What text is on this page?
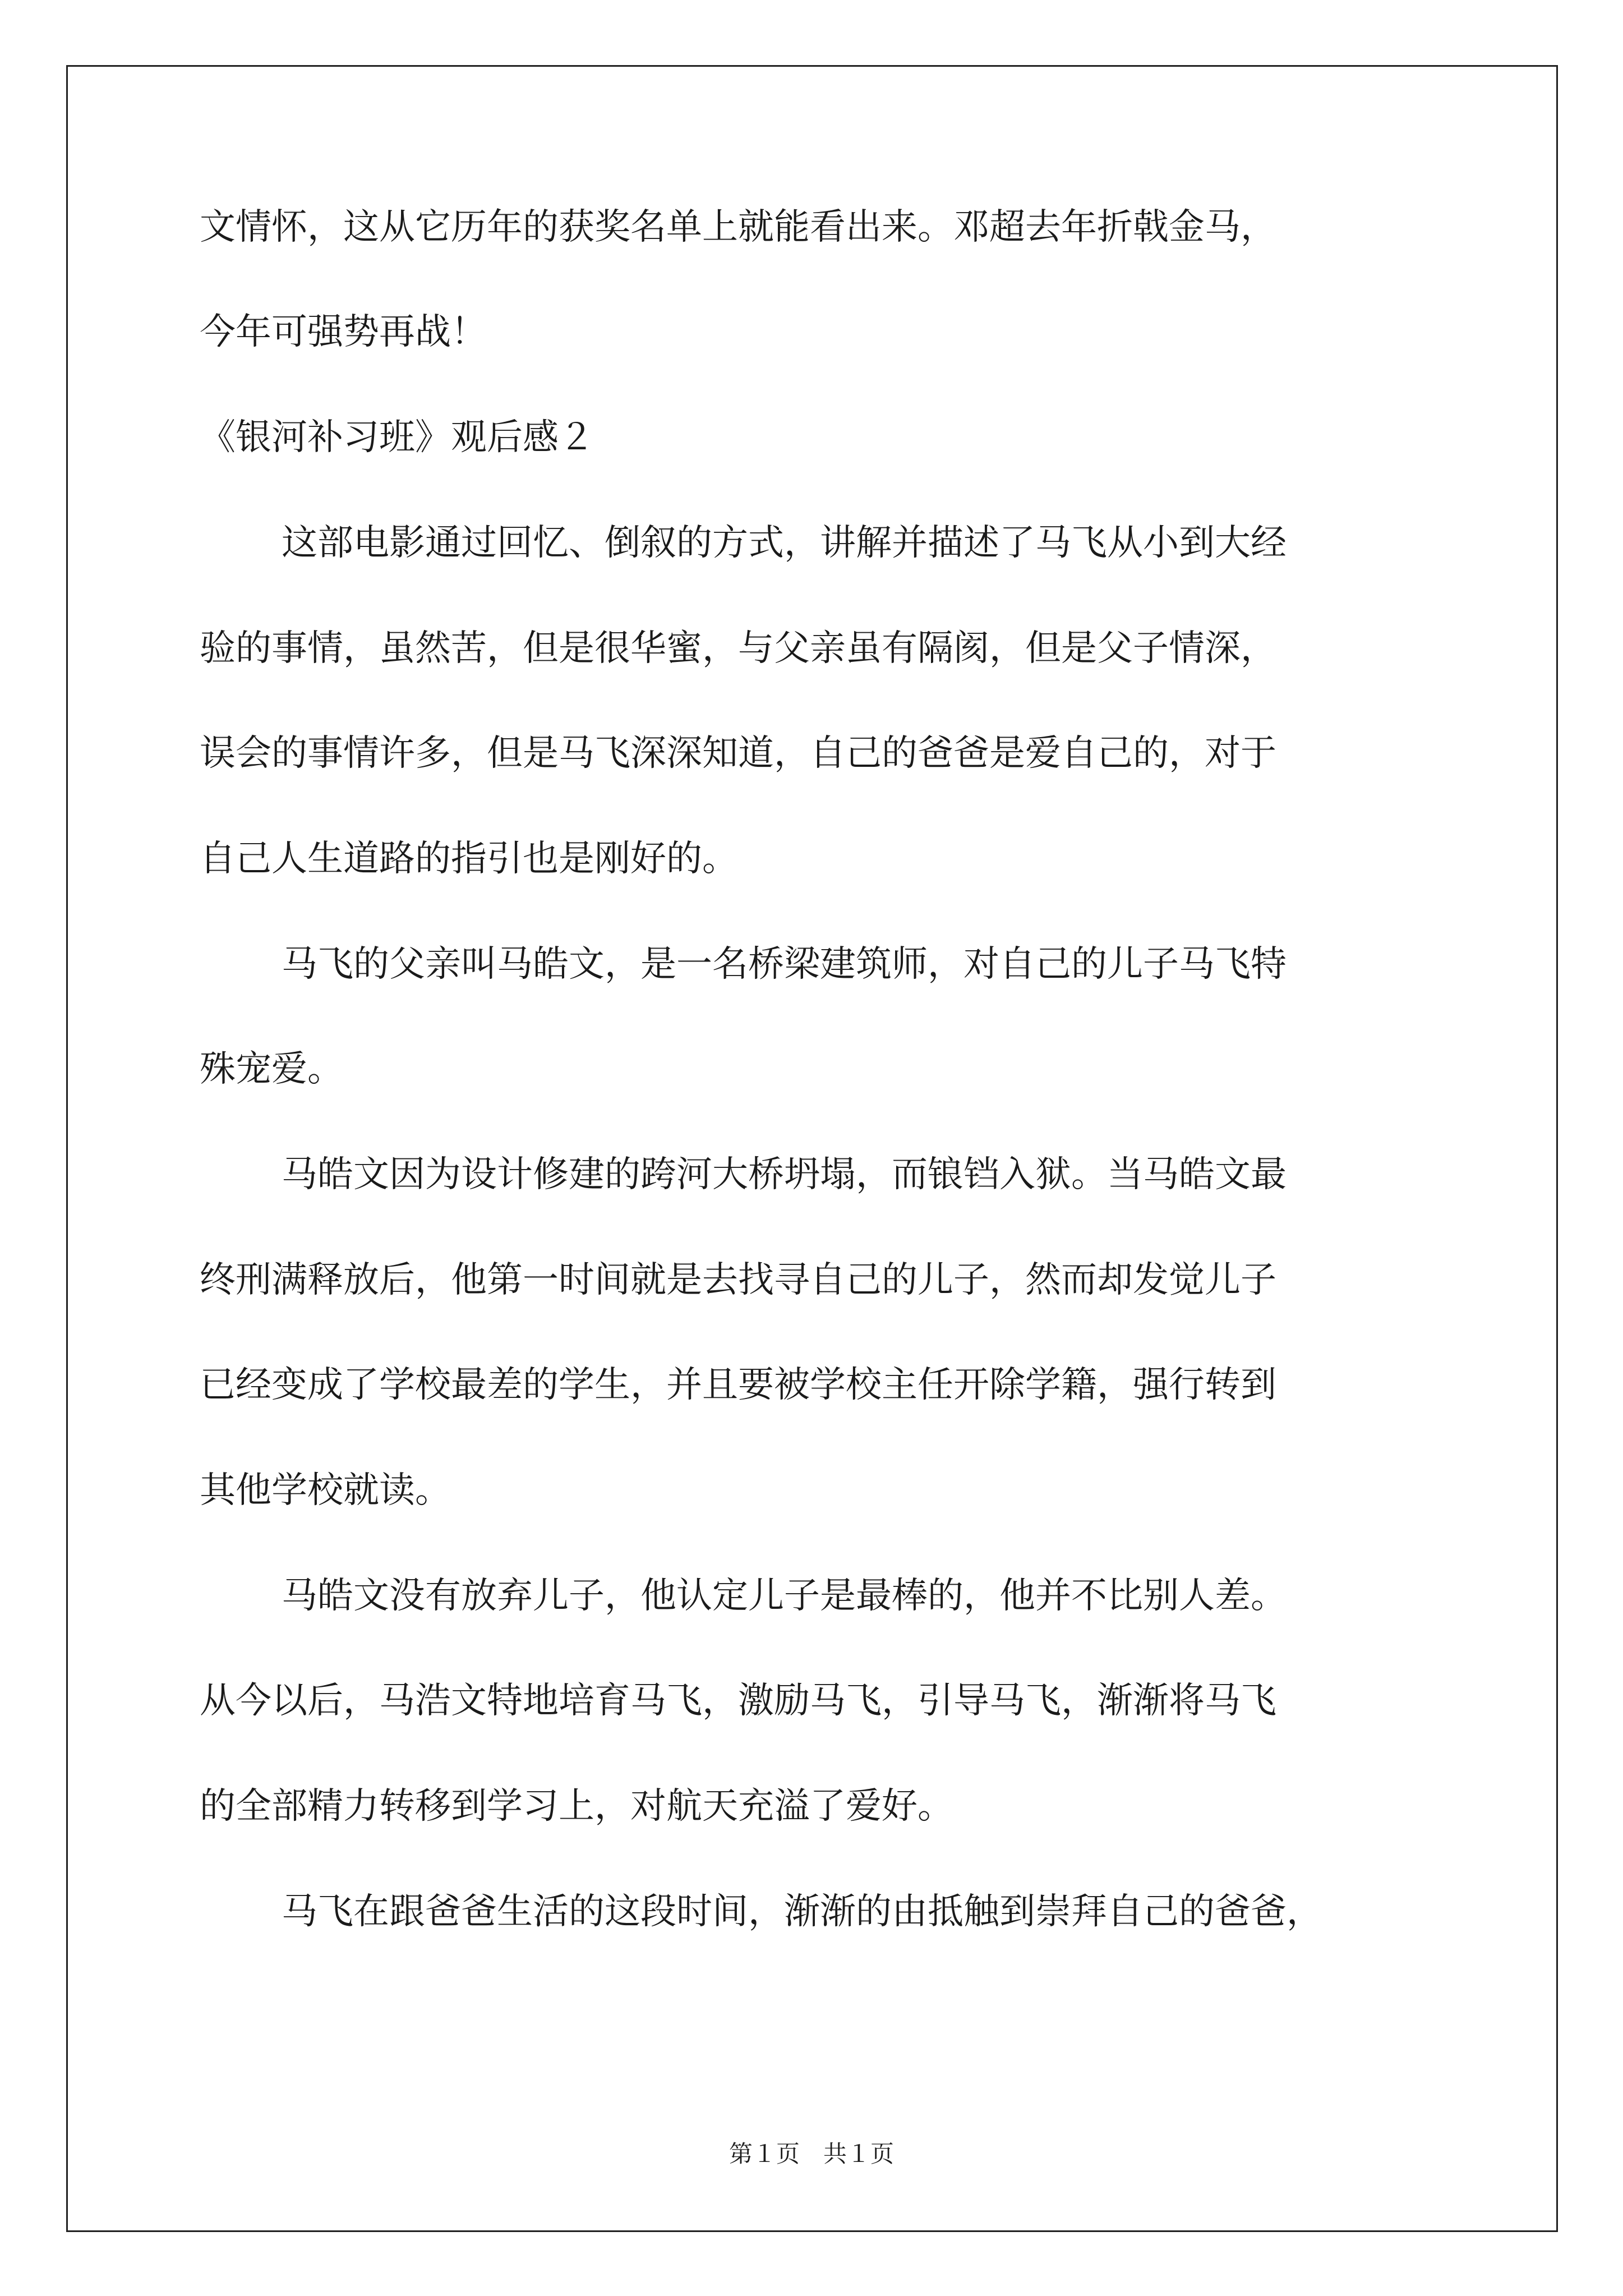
文情怀，这从它历年的获奖名单上就能看出来。邓超去年折戟金马，
今年可强势再战！
《银河补习班》观后感２
这部电影通过回忆、倒叙的方式，讲解并描述了马飞从小到大经
验的事情，虽然苦，但是很华蜜，与父亲虽有隔阂，但是父子情深，
误会的事情许多，但是马飞深深知道，自己的爸爸是爱自己的，对于
自己人生道路的指引也是刚好的。
马飞的父亲叫马皓文，是一名桥梁建筑师，对自己的儿子马飞特
殊宠爱。
马皓文因为设计修建的跨河大桥坍塌，而锒铛入狱。当马皓文最
终刑满释放后，他第一时间就是去找寻自己的儿子，然而却发觉儿子
已经变成了学校最差的学生，并且要被学校主任开除学籍，强行转到
其他学校就读。
马皓文没有放弃儿子，他认定儿子是最棒的，他并不比别人差。
从今以后，马浩文特地培育马飞，激励马飞，引导马飞，渐渐将马飞
的全部精力转移到学习上，对航天充溢了爱好。
马飞在跟爸爸生活的这段时间，渐渐的由抵触到崇拜自己的爸爸，
第１页 共１页
